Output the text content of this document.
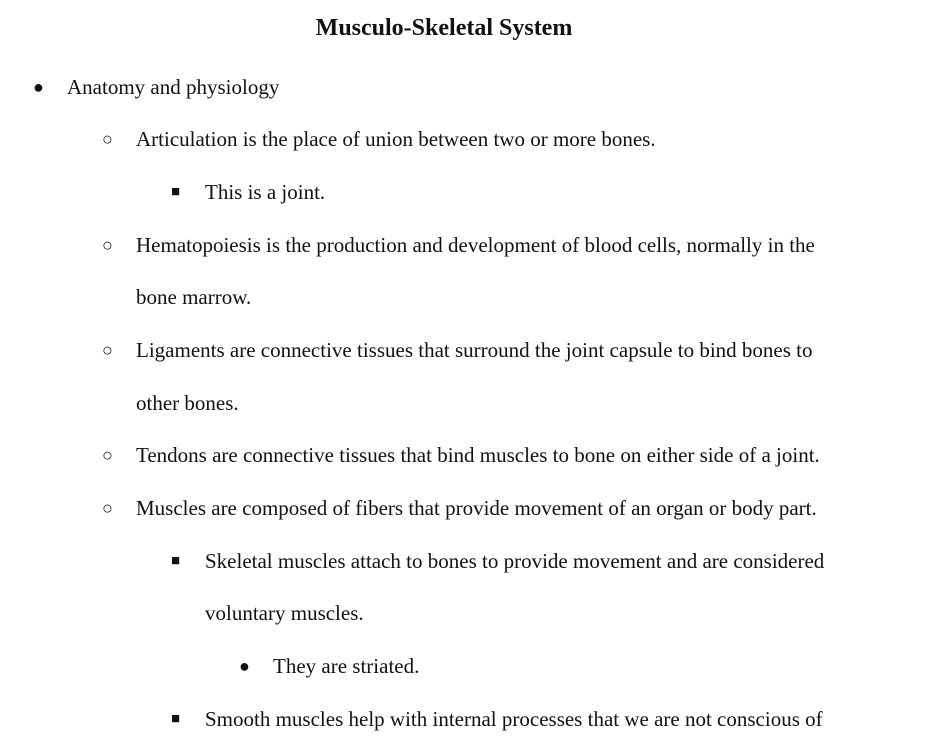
Musculo-Skeletal System
● Anatomy and physiology
○ Articulation is the place of union between two or more bones.
■ This is a joint.
○ Hematopoiesis is the production and development of blood cells, normally in the
bone marrow.
○ Ligaments are connective tissues that surround the joint capsule to bind bones to
other bones.
○ Tendons are connective tissues that bind muscles to bone on either side of a joint.
○ Muscles are composed of fibers that provide movement of an organ or body part.
■ Skeletal muscles attach to bones to provide movement and are considered
voluntary muscles.
● They are striated.
■ Smooth muscles help with internal processes that we are not conscious of
